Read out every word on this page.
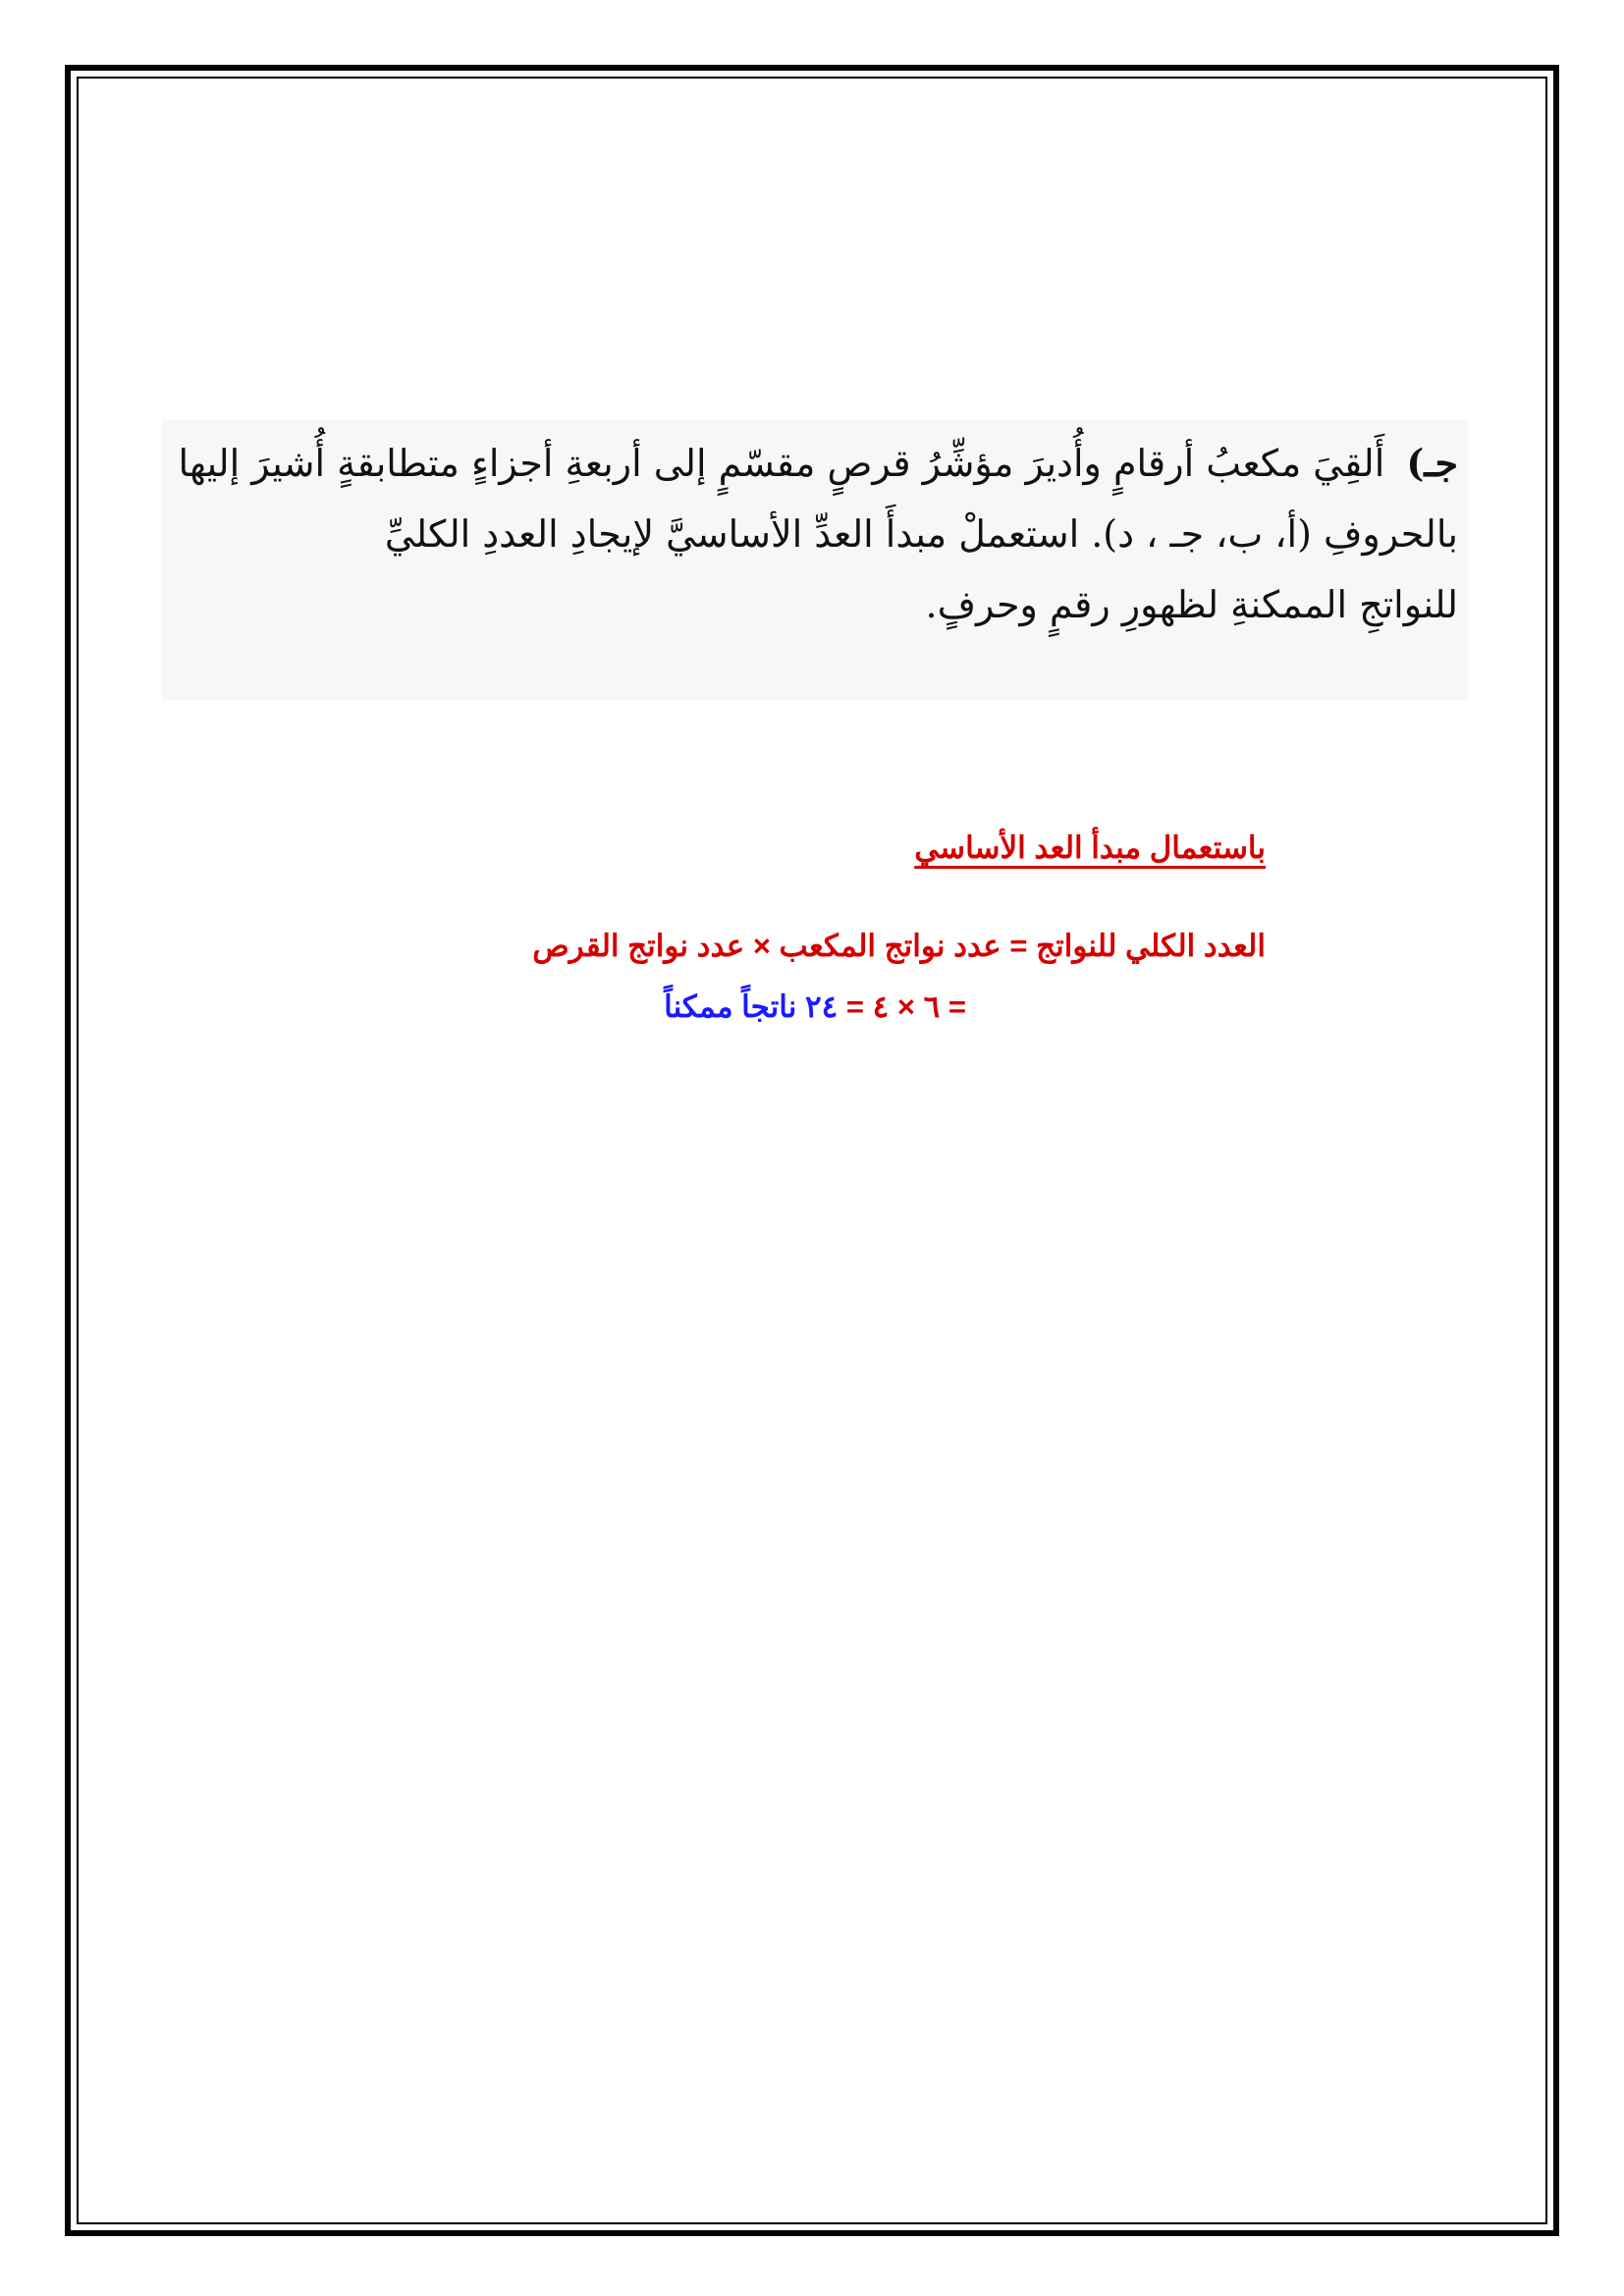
جـ) أَلقِيَ مكعبُ أرقامٍ وأُديرَ مؤشِّرُ قرصٍ مقسّمٍ إلى أربعةِ أجزاءٍ متطابقةٍ أُشيرَ إليها
بالحروفِ (أ، ب، جـ ، د). استعملْ مبدأَ العدِّ الأساسيَّ لإيجادِ العددِ الكليِّ
للنواتجِ الممكنةِ لظهورِ رقمٍ وحرفٍ.
باستعمال مبدأ العد الأساسي
العدد الكلي للنواتج = عدد نواتج المكعب × عدد نواتج القرص
= ٦ × ٤ = ٢٤ ناتجاً ممكناً
